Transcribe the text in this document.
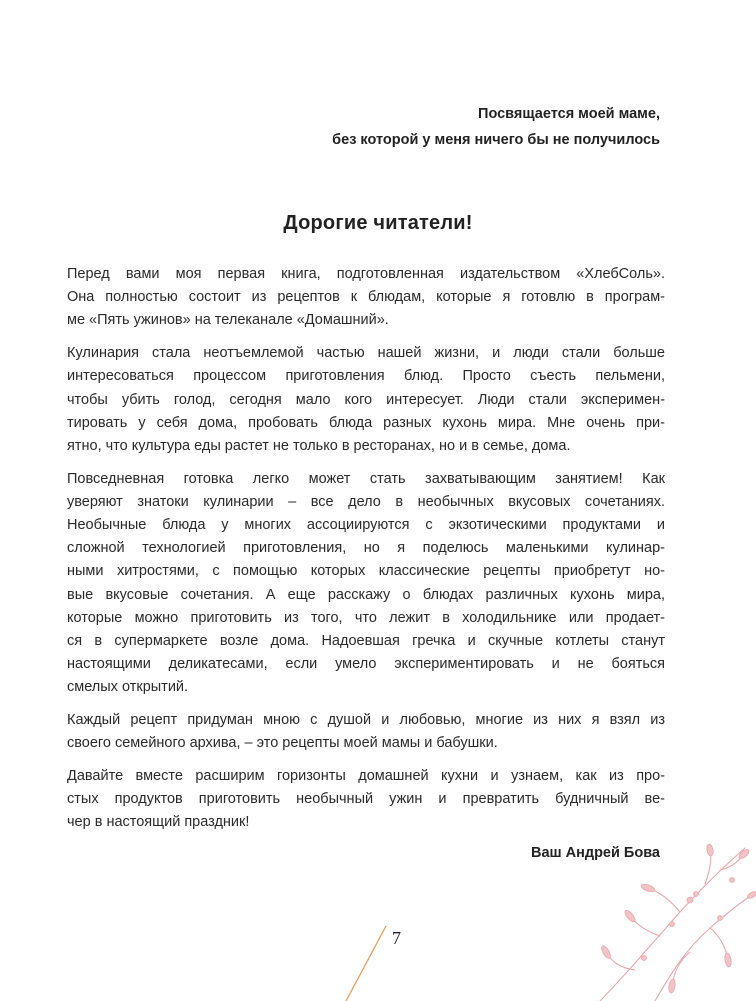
Посвящается моей маме,
без которой у меня ничего бы не получилось
Дорогие читатели!

Перед вами моя первая книга, подготовленная издательством «ХлебСоль».
Она полностью состоит из рецептов к блюдам, которые я готовлю в програм-
ме «Пять ужинов» на телеканале «Домашний».

Кулинария стала неотъемлемой частью нашей жизни, и люди стали больше
интересоваться процессом приготовления блюд. Просто съесть пельмени,
чтобы убить голод, сегодня мало кого интересует. Люди стали эксперимен-
тировать у себя дома, пробовать блюда разных кухонь мира. Мне очень при-
ятно, что культура еды растет не только в ресторанах, но и в семье, дома.

Повседневная готовка легко может стать захватывающим занятием! Как
уверяют знатоки кулинарии – все дело в необычных вкусовых сочетаниях.
Необычные блюда у многих ассоциируются с экзотическими продуктами и
сложной технологией приготовления, но я поделюсь маленькими кулинар-
ными хитростями, с помощью которых классические рецепты приобретут но-
вые вкусовые сочетания. А еще расскажу о блюдах различных кухонь мира,
которые можно приготовить из того, что лежит в холодильнике или продает-
ся в супермаркете возле дома. Надоевшая гречка и скучные котлеты станут
настоящими деликатесами, если умело экспериментировать и не бояться
смелых открытий.

Каждый рецепт придуман мною с душой и любовью, многие из них я взял из
своего семейного архива, – это рецепты моей мамы и бабушки.

Давайте вместе расширим горизонты домашней кухни и узнаем, как из про-
стых продуктов приготовить необычный ужин и превратить будничный ве-
чер в настоящий праздник!

Ваш Андрей Бова
7
